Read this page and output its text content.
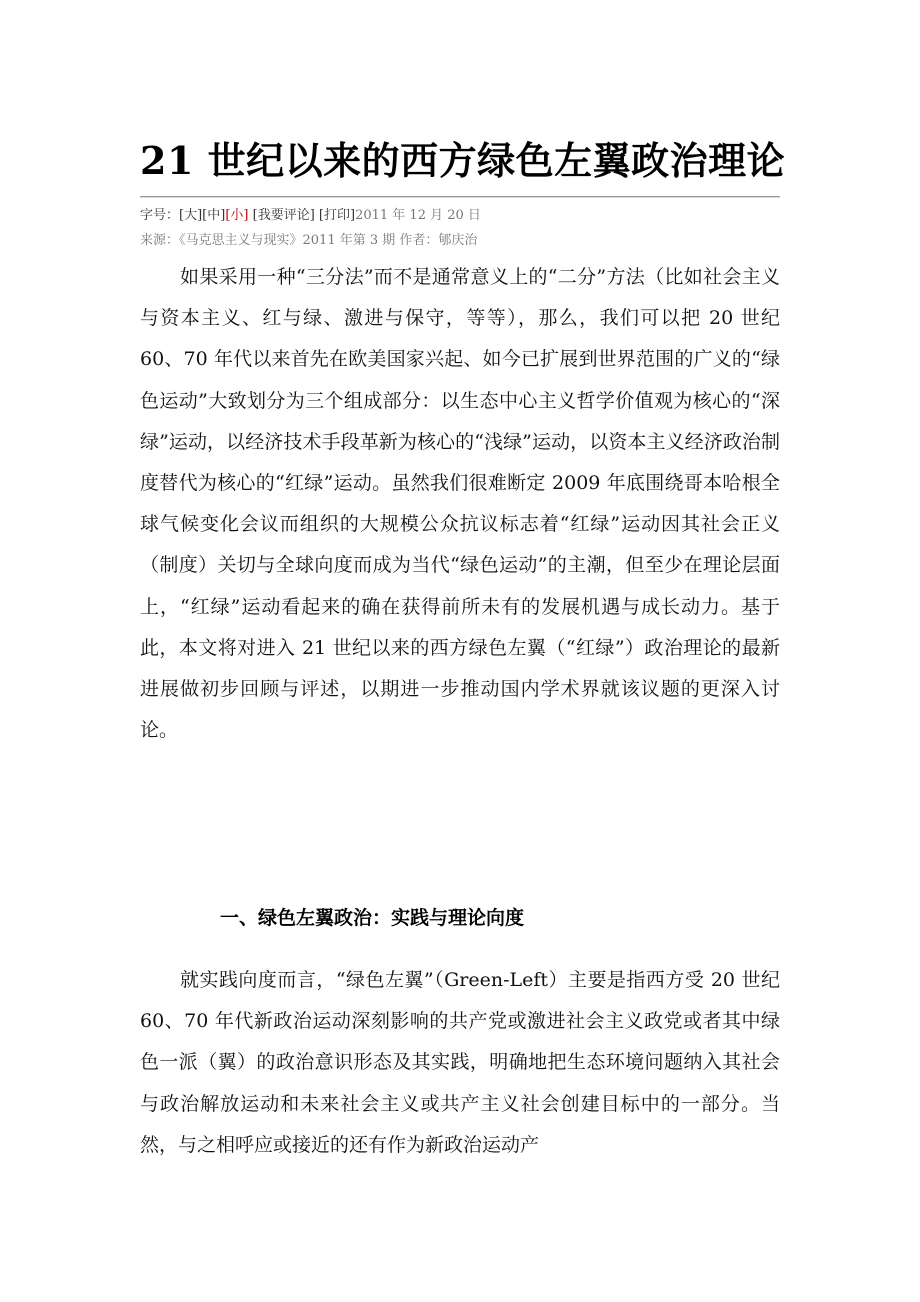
21 世纪以来的西方绿色左翼政治理论
字号：[大][中][小] [我要评论] [打印]2011 年 12 月 20 日
来源：《马克思主义与现实》2011 年第 3 期 作者：郇庆治

如果采用一种“三分法”而不是通常意义上的“二分”方法（比如社会主义与资本主义、红与绿、激进与保守，等等），那么，我们可以把 20 世纪 60、70 年代以来首先在欧美国家兴起、如今已扩展到世界范围的广义的“绿色运动”大致划分为三个组成部分：以生态中心主义哲学价值观为核心的“深绿”运动，以经济技术手段革新为核心的“浅绿”运动，以资本主义经济政治制度替代为核心的“红绿”运动。虽然我们很难断定 2009 年底围绕哥本哈根全球气候变化会议而组织的大规模公众抗议标志着“红绿”运动因其社会正义（制度）关切与全球向度而成为当代“绿色运动”的主潮，但至少在理论层面上，“红绿”运动看起来的确在获得前所未有的发展机遇与成长动力。基于此，本文将对进入 21 世纪以来的西方绿色左翼（“红绿”）政治理论的最新进展做初步回顾与评述，以期进一步推动国内学术界就该议题的更深入讨论。

一、绿色左翼政治：实践与理论向度

就实践向度而言，“绿色左翼”（Green-Left）主要是指西方受 20 世纪 60、70 年代新政治运动深刻影响的共产党或激进社会主义政党或者其中绿色一派（翼）的政治意识形态及其实践，明确地把生态环境问题纳入其社会与政治解放运动和未来社会主义或共产主义社会创建目标中的一部分。当然，与之相呼应或接近的还有作为新政治运动产
